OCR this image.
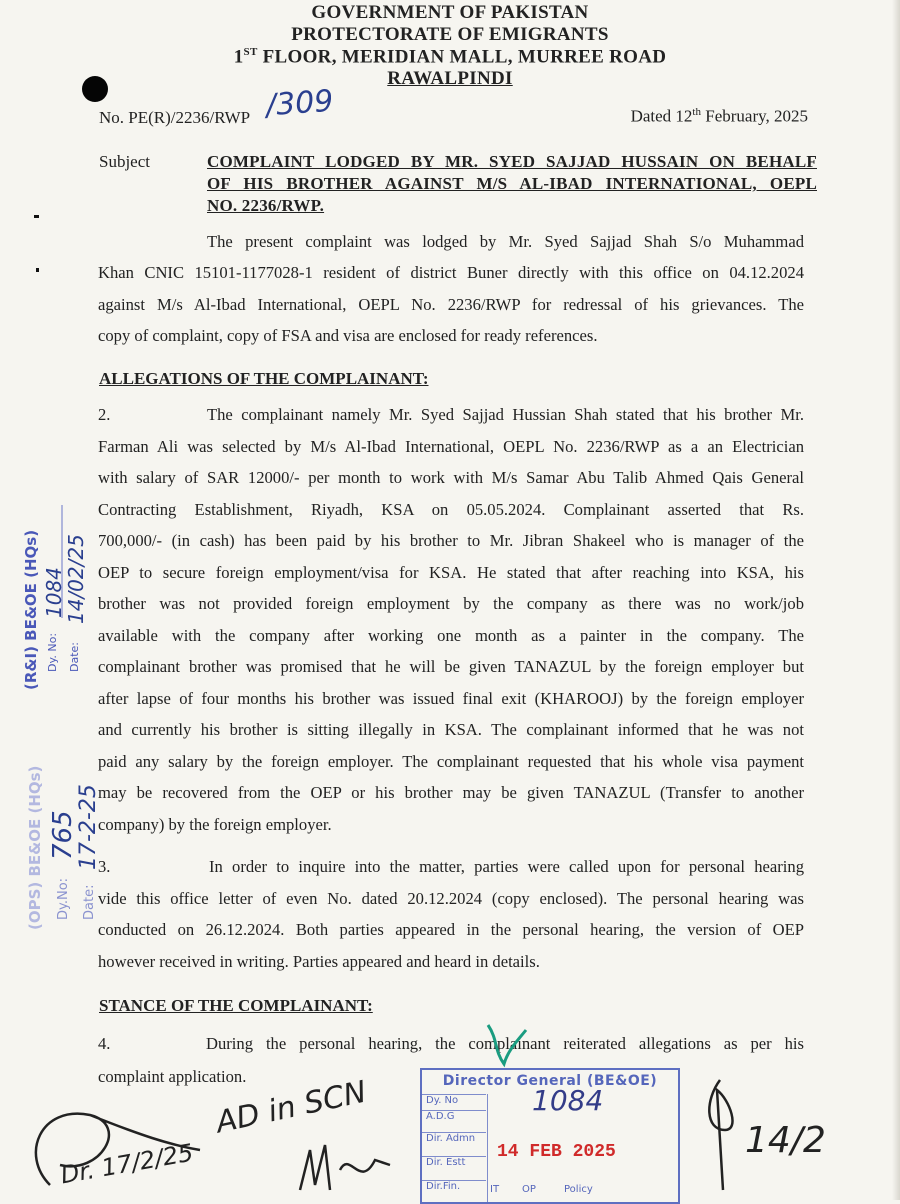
GOVERNMENT OF PAKISTAN
PROTECTORATE OF EMIGRANTS
1ST FLOOR, MERIDIAN MALL, MURREE ROAD
RAWALPINDI
No. PE(R)/2236/RWP /309	Dated 12th February, 2025
Subject	COMPLAINT LODGED BY MR. SYED SAJJAD HUSSAIN ON BEHALF
OF HIS BROTHER AGAINST M/S AL-IBAD INTERNATIONAL, OEPL
NO. 2236/RWP.
The present complaint was lodged by Mr. Syed Sajjad Shah S/o Muhammad
Khan CNIC 15101-1177028-1 resident of district Buner directly with this office on 04.12.2024
against M/s Al-Ibad International, OEPL No. 2236/RWP for redressal of his grievances. The
copy of complaint, copy of FSA and visa are enclosed for ready references.
ALLEGATIONS OF THE COMPLAINANT:
2.	The complainant namely Mr. Syed Sajjad Hussian Shah stated that his brother Mr.
Farman Ali was selected by M/s Al-Ibad International, OEPL No. 2236/RWP as a an Electrician
with salary of SAR 12000/- per month to work with M/s Samar Abu Talib Ahmed Qais General
Contracting Establishment, Riyadh, KSA on 05.05.2024. Complainant asserted that Rs.
700,000/- (in cash) has been paid by his brother to Mr. Jibran Shakeel who is manager of the
OEP to secure foreign employment/visa for KSA. He stated that after reaching into KSA, his
brother was not provided foreign employment by the company as there was no work/job
available with the company after working one month as a painter in the company. The
complainant brother was promised that he will be given TANAZUL by the foreign employer but
after lapse of four months his brother was issued final exit (KHAROOJ) by the foreign employer
and currently his brother is sitting illegally in KSA. The complainant informed that he was not
paid any salary by the foreign employer. The complainant requested that his whole visa payment
may be recovered from the OEP or his brother may be given TANAZUL (Transfer to another
company) by the foreign employer.
3.	In order to inquire into the matter, parties were called upon for personal hearing
vide this office letter of even No. dated 20.12.2024 (copy enclosed). The personal hearing was
conducted on 26.12.2024. Both parties appeared in the personal hearing, the version of OEP
however received in writing. Parties appeared and heard in details.
STANCE OF THE COMPLAINANT:
4.	During the personal hearing, the complainant reiterated allegations as per his
complaint application.
(R&I) BE&OE (HQs) Dy. No:
1084
Date:
14/02/25
(OPS) BE&OE (HQs) Dy.No:
765
Date:
17-2-25
Director General (BE&OE)
Dy. No
A.D.G
Dir. Admn
Dir. Estt
Dir.Fin.
1084
14 FEB 2025
IT OP	Policy
Dr. 17/2/25
AD in SCN
14/2
